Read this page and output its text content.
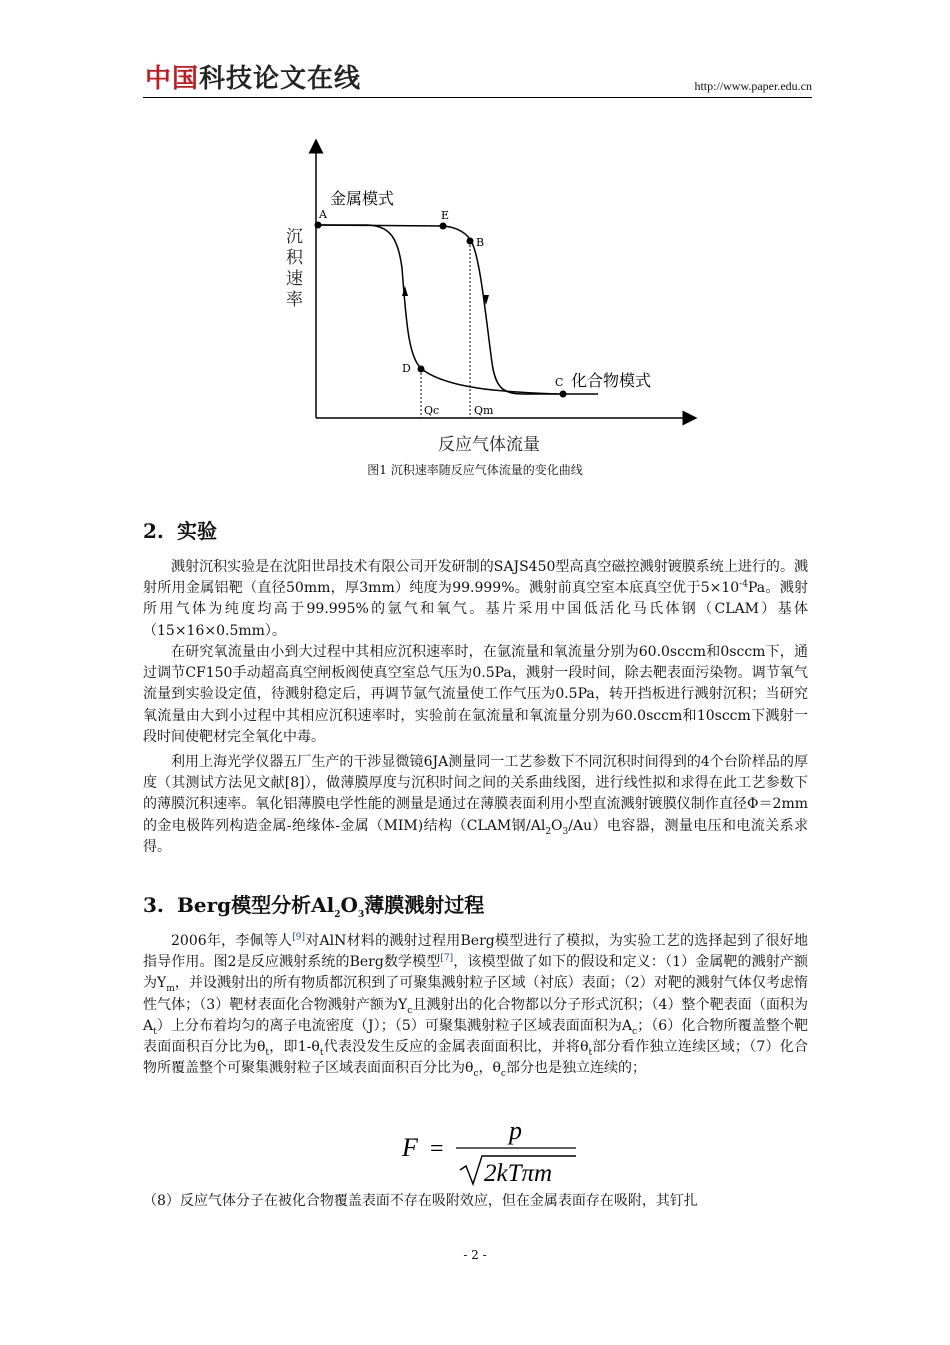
中国科技论文在线	http://www.paper.edu.cn
A	E
B
D
C
金属模式
化合物模式
Qc	Qm
沉积速率
反应气体流量
图1 沉积速率随反应气体流量的变化曲线
2. 实验
溅射沉积实验是在沈阳世昂技术有限公司开发研制的SAJS450型高真空磁控溅射镀膜系统上进行的。溅射所用金属铝靶（直径50mm，厚3mm）纯度为99.999%。溅射前真空室本底真空优于$5\times 10^{-4}Pa$。溅射所用气体为纯度均高于99.995%的氩气和氧气。基片采用中国低活化马氏体钢（CLAM）基体（15×16×0.5mm）。
在研究氧流量由小到大过程中其相应沉积速率时，在氩流量和氧流量分别为60.0sccm和0sccm下，通过调节CF150手动超高真空闸板阀使真空室总气压为0.5Pa，溅射一段时间，除去靶表面污染物。调节氧气流量到实验设定值，待溅射稳定后，再调节氩气流量使工作气压为0.5Pa，转开挡板进行溅射沉积；当研究氧流量由大到小过程中其相应沉积速率时，实验前在氩流量和氧流量分别为60.0sccm和10sccm下溅射一段时间使靶材完全氧化中毒。
利用上海光学仪器五厂生产的干涉显微镜6JA测量同一工艺参数下不同沉积时间得到的4个台阶样品的厚度（其测试方法见文献[8]），做薄膜厚度与沉积时间之间的关系曲线图，进行线性拟和求得在此工艺参数下的薄膜沉积速率。氧化铝薄膜电学性能的测量是通过在薄膜表面利用小型直流溅射镀膜仪制作直径Φ＝2mm的金电极阵列构造金属-绝缘体-金属（MIM)结构（CLAM钢$/Al_2O_3/Au$）电容器，测量电压和电流关系求得。
3. Berg模型分析$Al_2O_3$薄膜溅射过程
2006年，李佩等人[9]对AlN材料的溅射过程用Berg模型进行了模拟，为实验工艺的选择起到了很好地指导作用。图2是反应溅射系统的Berg数学模型[7]，该模型做了如下的假设和定义：（1）金属靶的溅射产额为$Y_m$，并设溅射出的所有物质都沉积到了可聚集溅射粒子区域（衬底）表面；（2）对靶的溅射气体仅考虑惰性气体；（3）靶材表面化合物溅射产额为$Y_c$且溅射出的化合物都以分子形式沉积；（4）整个靶表面（面积为$A_t$）上分布着均匀的离子电流密度（J）；（5）可聚集溅射粒子区域表面面积为$A_c$；（6）化合物所覆盖整个靶表面面积百分比为$\theta_t$，即$1-\theta_t$代表没发生反应的金属表面面积比，并将$\theta_t$部分看作独立连续区域；（7）化合物所覆盖整个可聚集溅射粒子区域表面面积百分比为$\theta_c$，$\theta_c$部分也是独立连续的；
F =
p
2kTπm
（8）反应气体分子在被化合物覆盖表面不存在吸附效应，但在金属表面存在吸附，其钉扎
- 2 -
